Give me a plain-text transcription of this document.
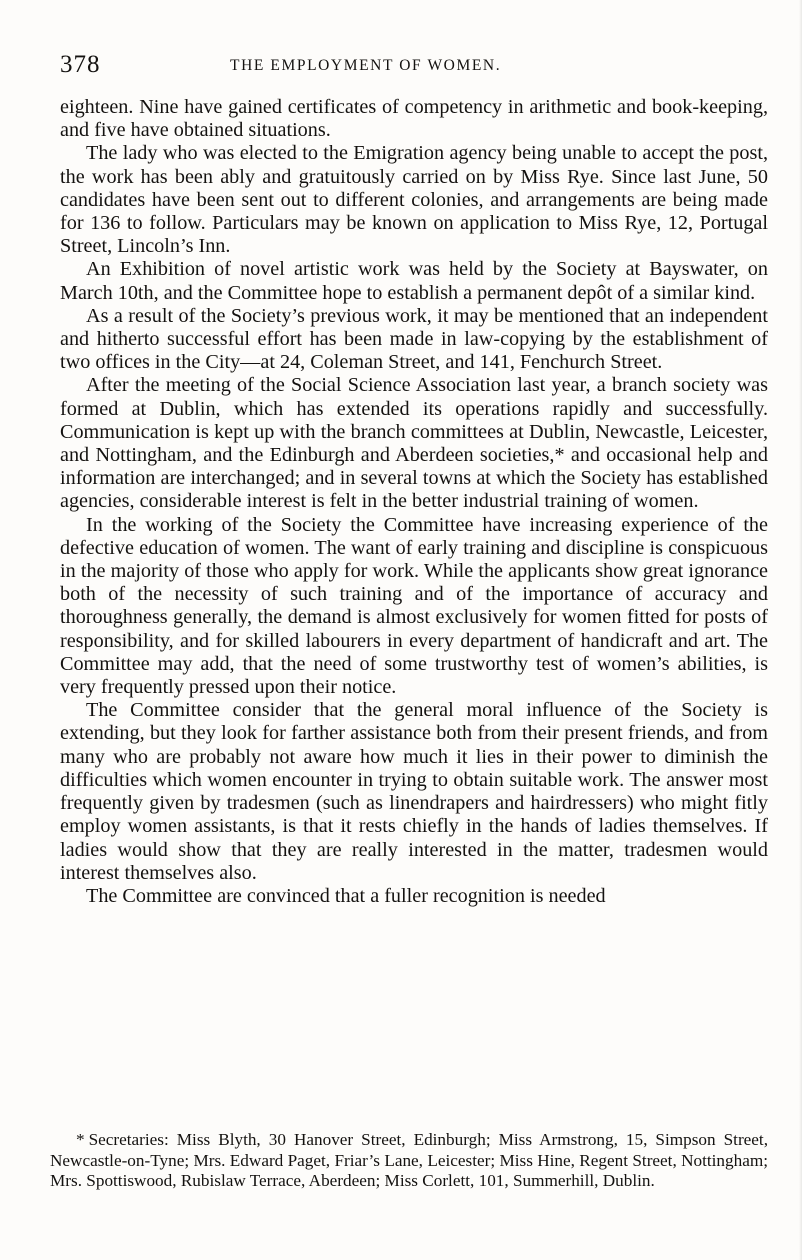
378	THE EMPLOYMENT OF WOMEN.

eighteen. Nine have gained certificates of competency in arithmetic and book-keeping, and five have obtained situations.

The lady who was elected to the Emigration agency being unable to accept the post, the work has been ably and gratuitously carried on by Miss Rye. Since last June, 50 candidates have been sent out to different colonies, and arrangements are being made for 136 to follow. Particulars may be known on application to Miss Rye, 12, Portugal Street, Lincoln’s Inn.

An Exhibition of novel artistic work was held by the Society at Bayswater, on March 10th, and the Committee hope to establish a permanent depôt of a similar kind.

As a result of the Society’s previous work, it may be mentioned that an independent and hitherto successful effort has been made in law-copying by the establishment of two offices in the City—at 24, Coleman Street, and 141, Fenchurch Street.

After the meeting of the Social Science Association last year, a branch society was formed at Dublin, which has extended its operations rapidly and successfully. Communication is kept up with the branch committees at Dublin, Newcastle, Leicester, and Nottingham, and the Edinburgh and Aberdeen societies,* and occasional help and information are interchanged; and in several towns at which the Society has established agencies, considerable interest is felt in the better industrial training of women.

In the working of the Society the Committee have increasing experience of the defective education of women. The want of early training and discipline is conspicuous in the majority of those who apply for work. While the applicants show great ignorance both of the necessity of such training and of the importance of accuracy and thoroughness generally, the demand is almost exclusively for women fitted for posts of responsibility, and for skilled labourers in every department of handicraft and art. The Committee may add, that the need of some trustworthy test of women’s abilities, is very frequently pressed upon their notice.

The Committee consider that the general moral influence of the Society is extending, but they look for farther assistance both from their present friends, and from many who are probably not aware how much it lies in their power to diminish the difficulties which women encounter in trying to obtain suitable work. The answer most frequently given by tradesmen (such as linendrapers and hairdressers) who might fitly employ women assistants, is that it rests chiefly in the hands of ladies themselves. If ladies would show that they are really interested in the matter, tradesmen would interest themselves also.

The Committee are convinced that a fuller recognition is needed

* Secretaries: Miss Blyth, 30 Hanover Street, Edinburgh; Miss Armstrong, 15, Simpson Street, Newcastle-on-Tyne; Mrs. Edward Paget, Friar’s Lane, Leicester; Miss Hine, Regent Street, Nottingham; Mrs. Spottiswood, Rubislaw Terrace, Aberdeen; Miss Corlett, 101, Summerhill, Dublin.
